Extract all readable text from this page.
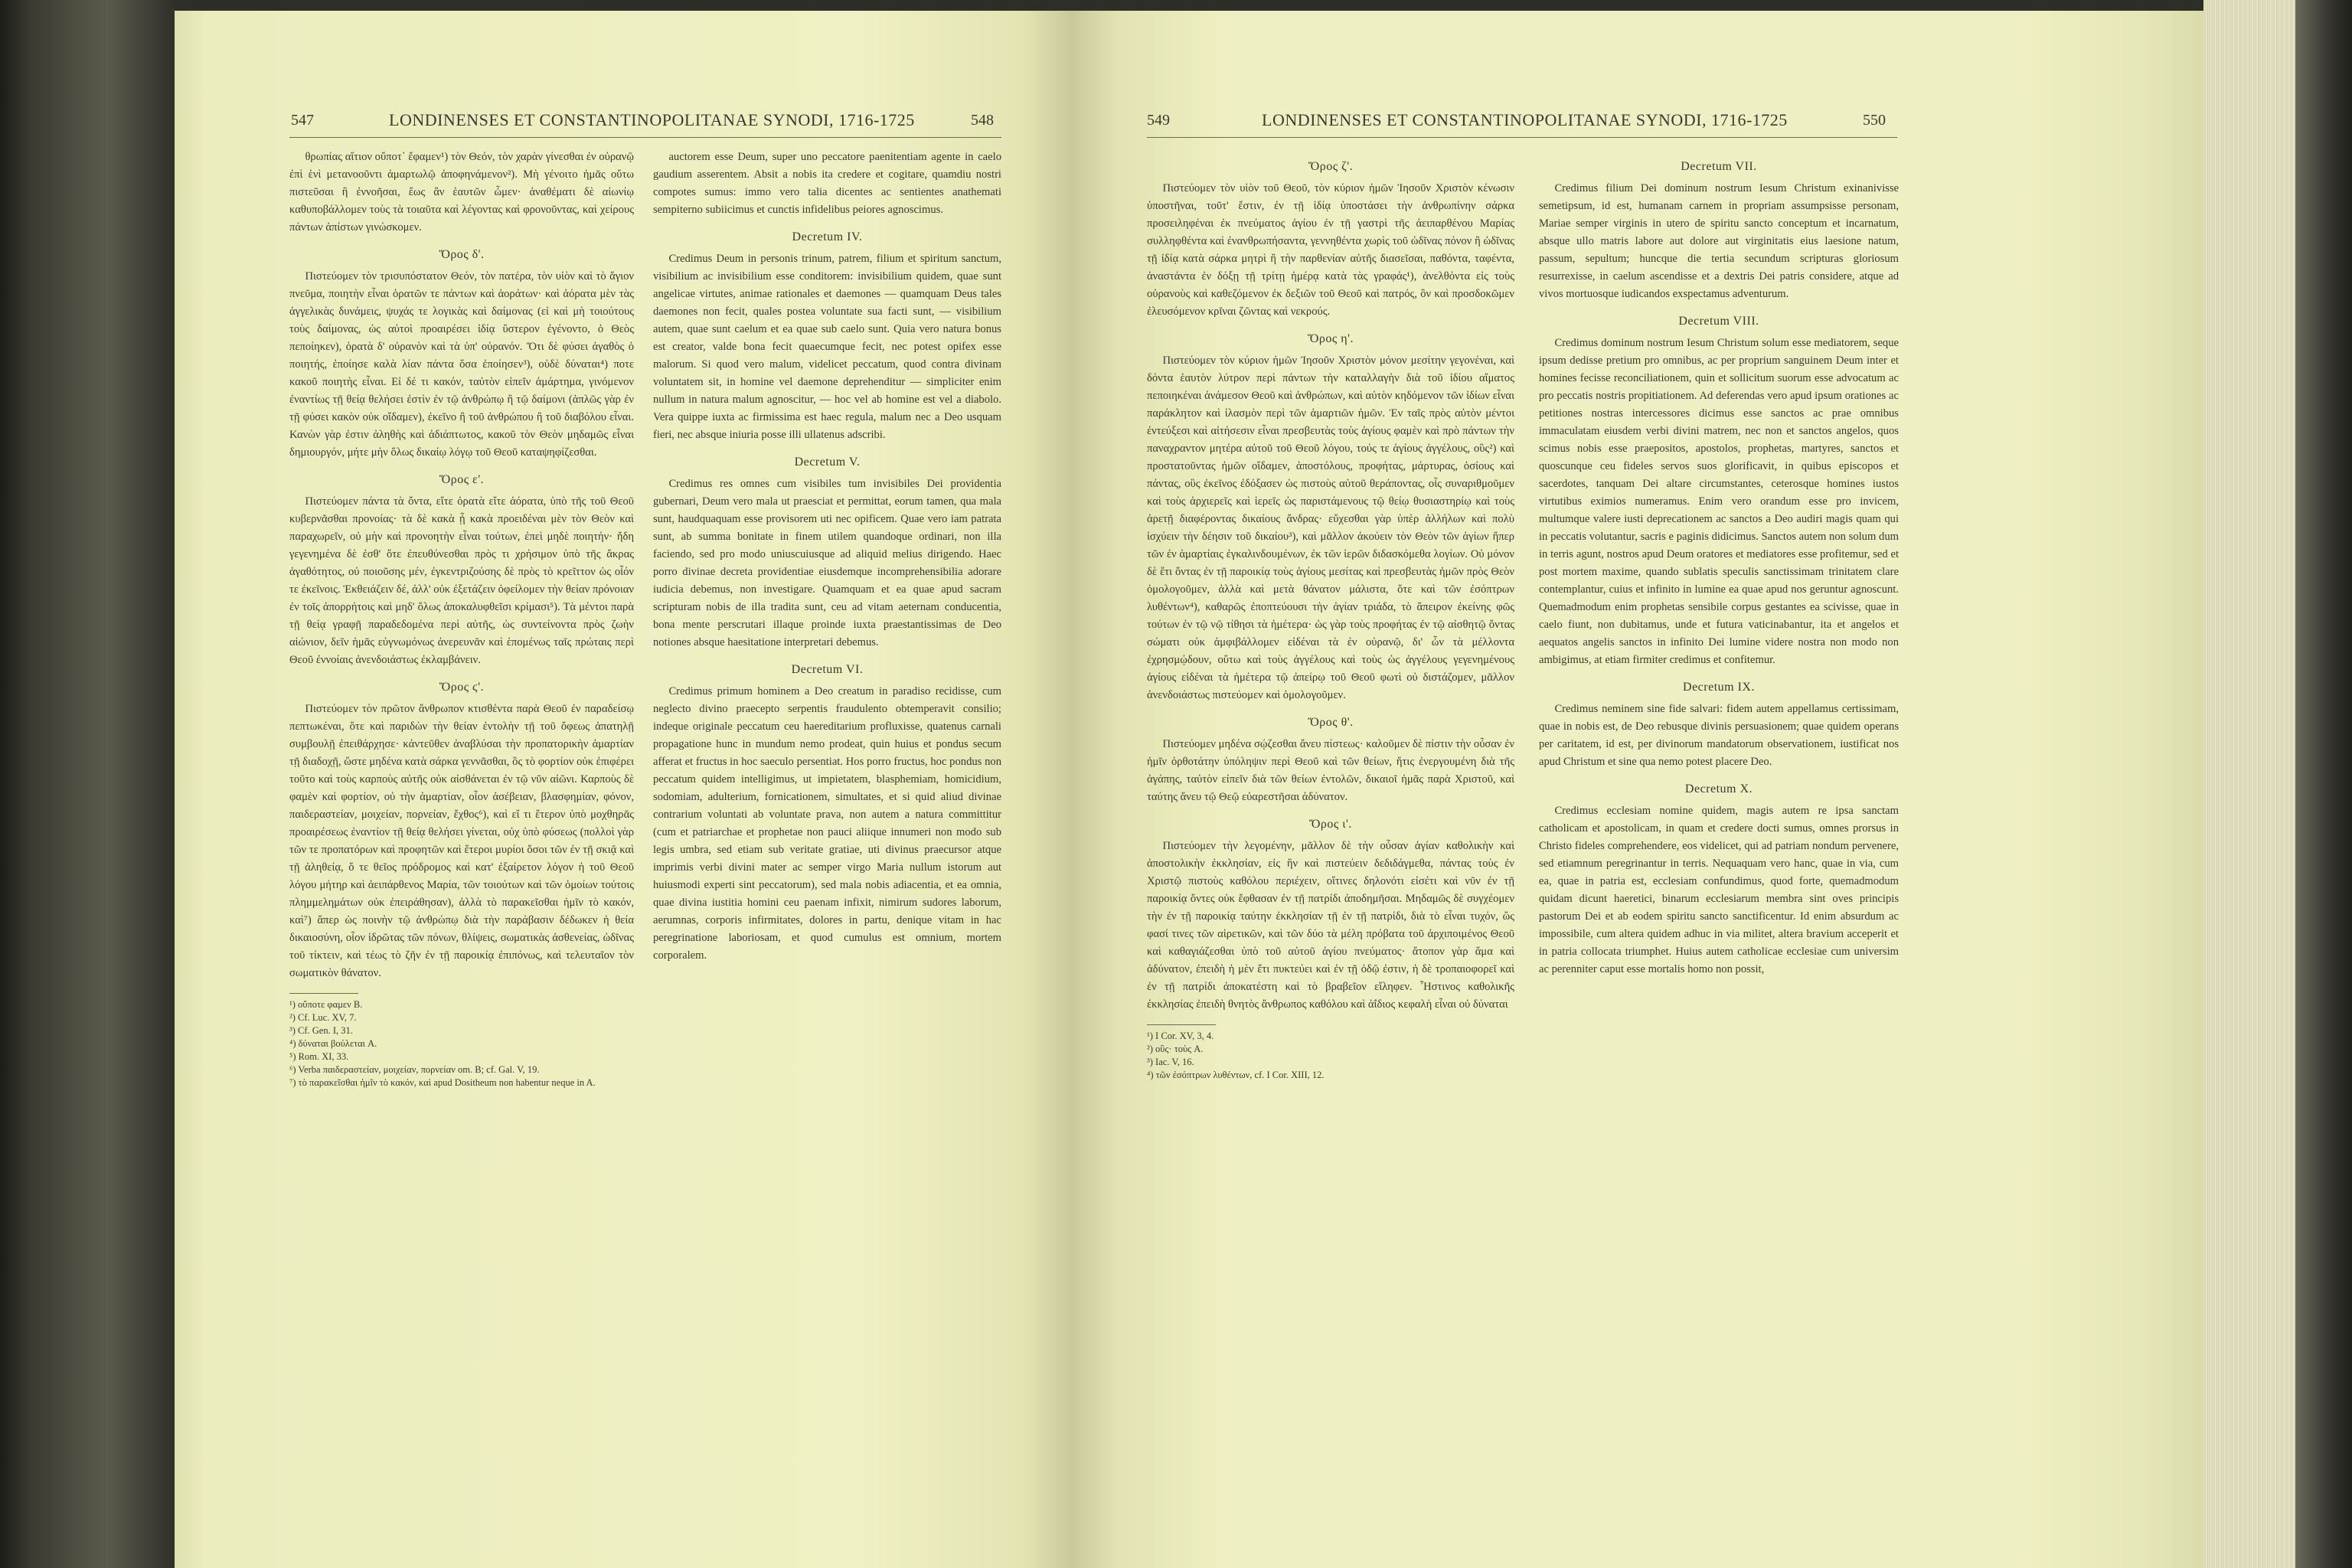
547	LONDINENSES ET CONSTANTINOPOLITANAE SYNODI, 1716-1725	548

θρωπίας αἴτιον οὔποτ᾿ ἔφαμεν¹) τὸν Θεόν, τὸν χαρὰν γίνεσθαι ἐν οὐρανῷ ἐπὶ ἑνὶ μετανοοῦντι ἁμαρτωλῷ ἀποφηνάμενον²). Μὴ γένοιτο ἡμᾶς οὕτω πιστεῦσαι ἢ ἐννοῆσαι, ἕως ἂν ἑαυτῶν ὦμεν· ἀναθέματι δὲ αἰωνίῳ καθυποβάλλομεν τοὺς τὰ τοιαῦτα καὶ λέγοντας καὶ φρονοῦντας, καὶ χείρους πάντων ἀπίστων γινώσκομεν.

Ὅρος δ'.

Πιστεύομεν τὸν τρισυπόστατον Θεόν, τὸν πατέρα, τὸν υἱὸν καὶ τὸ ἅγιον πνεῦμα, ποιητὴν εἶναι ὁρατῶν τε πάντων καὶ ἀοράτων· καὶ ἀόρατα μὲν τὰς ἀγγελικὰς δυνάμεις, ψυχάς τε λογικὰς καὶ δαίμονας (εἰ καὶ μὴ τοιούτους τοὺς δαίμονας, ὡς αὐτοὶ προαιρέσει ἰδίᾳ ὕστερον ἐγένοντο, ὁ Θεὸς πεποίηκεν), ὁρατὰ δ' οὐρανὸν καὶ τὰ ὑπ' οὐρανόν. Ὅτι δὲ φύσει ἀγαθὸς ὁ ποιητής, ἐποίησε καλὰ λίαν πάντα ὅσα ἐποίησεν³), οὐδὲ δύναται⁴) ποτε κακοῦ ποιητὴς εἶναι. Εἰ δέ τι κακόν, ταὐτὸν εἰπεῖν ἁμάρτημα, γινόμενον ἐναντίως τῇ θείᾳ θελήσει ἐστὶν ἐν τῷ ἀνθρώπῳ ἢ τῷ δαίμονι (ἁπλῶς γὰρ ἐν τῇ φύσει κακὸν οὐκ οἴδαμεν), ἐκεῖνο ἢ τοῦ ἀνθρώπου ἢ τοῦ διαβόλου εἶναι. Κανὼν γὰρ ἐστιν ἀληθὴς καὶ ἀδιάπτωτος, κακοῦ τὸν Θεὸν μηδαμῶς εἶναι δημιουργόν, μήτε μὴν ὅλως δικαίῳ λόγῳ τοῦ Θεοῦ καταψηφίζεσθαι.

Ὅρος ε'.

Πιστεύομεν πάντα τὰ ὄντα, εἴτε ὁρατὰ εἴτε ἀόρατα, ὑπὸ τῆς τοῦ Θεοῦ κυβερνᾶσθαι προνοίας· τὰ δὲ κακὰ ᾗ κακὰ προειδέναι μὲν τὸν Θεὸν καὶ παραχωρεῖν, οὐ μὴν καὶ προνοητὴν εἶναι τούτων, ἐπεὶ μηδὲ ποιητήν· ἤδη γεγενημένα δὲ ἐσθ' ὅτε ἐπευθύνεσθαι πρὸς τι χρήσιμον ὑπὸ τῆς ἄκρας ἀγαθότητος, οὐ ποιοῦσης μέν, ἐγκεντριζούσης δὲ πρὸς τὸ κρεῖττον ὡς οἷόν τε ἐκεῖνοις. Ἐκθειάζειν δέ, ἀλλ' οὐκ ἐξετάζειν ὀφείλομεν τὴν θείαν πρόνοιαν ἐν τοῖς ἀπορρήτοις καὶ μηδ' ὅλως ἀποκαλυφθεῖσι κρίμασι⁵). Τὰ μέντοι παρὰ τῇ θείᾳ γραφῇ παραδεδομένα περὶ αὐτῆς, ὡς συντείνοντα πρὸς ζωὴν αἰώνιον, δεῖν ἡμᾶς εὐγνωμόνως ἀνερευνᾶν καὶ ἑπομένως ταῖς πρώταις περὶ Θεοῦ ἐννοίαις ἀνενδοιάστως ἐκλαμβάνειν.

Ὅρος ϛ'.

Πιστεύομεν τὸν πρῶτον ἄνθρωπον κτισθέντα παρὰ Θεοῦ ἐν παραδείσῳ πεπτωκέναι, ὅτε καὶ παριδὼν τὴν θείαν ἐντολὴν τῇ τοῦ ὄφεως ἀπατηλῇ συμβουλῇ ἐπειθάρχησε· κἀντεῦθεν ἀναβλύσαι τὴν προπατορικὴν ἁμαρτίαν τῇ διαδοχῇ, ὥστε μηδένα κατὰ σάρκα γεννᾶσθαι, ὃς τὸ φορτίον οὐκ ἐπιφέρει τοῦτο καὶ τοὺς καρποὺς αὐτῆς οὐκ αἰσθάνεται ἐν τῷ νῦν αἰῶνι. Καρποὺς δὲ φαμὲν καὶ φορτίον, οὐ τὴν ἁμαρτίαν, οἷον ἀσέβειαν, βλασφημίαν, φόνον, παιδεραστείαν, μοιχείαν, πορνείαν, ἔχθος⁶), καὶ εἴ τι ἕτερον ὑπὸ μοχθηρᾶς προαιρέσεως ἐναντίον τῇ θείᾳ θελήσει γίνεται, οὐχ ὑπὸ φύσεως (πολλοὶ γὰρ τῶν τε προπατόρων καὶ προφητῶν καὶ ἕτεροι μυρίοι ὅσοι τῶν ἐν τῇ σκιᾷ καὶ τῇ ἀληθείᾳ, ὅ τε θεῖος πρόδρομος καὶ κατ' ἐξαίρετον λόγον ἡ τοῦ Θεοῦ λόγου μήτηρ καὶ ἀειπάρθενος Μαρία, τῶν τοιούτων καὶ τῶν ὁμοίων τούτοις πλημμελημάτων οὐκ ἐπειράθησαν), ἀλλὰ τὸ παρακεῖσθαι ἡμῖν τὸ κακόν, καὶ⁷) ἅπερ ὡς ποινὴν τῷ ἀνθρώπῳ διὰ τὴν παράβασιν δέδωκεν ἡ θεία δικαιοσύνη, οἷον ἱδρῶτας τῶν πόνων, θλίψεις, σωματικὰς ἀσθενείας, ὠδῖνας τοῦ τίκτειν, καὶ τέως τὸ ζῆν ἐν τῇ παροικίᾳ ἐπιπόνως, καὶ τελευταῖον τὸν σωματικὸν θάνατον.

¹) οὔποτε φαμεν B.
²) Cf. Luc. XV, 7.
³) Cf. Gen. I, 31.
⁴) δύναται βούλεται A.
⁵) Rom. XI, 33.
⁶) Verba παιδεραστείαν, μοιχείαν, πορνείαν om. B; cf. Gal. V, 19.
⁷) τὸ παρακεῖσθαι ἡμῖν τὸ κακόν, καὶ apud Dositheum non habentur neque in A.

auctorem esse Deum, super uno peccatore paenitentiam agente in caelo gaudium asserentem. Absit a nobis ita credere et cogitare, quamdiu nostri compotes sumus: immo vero talia dicentes ac sentientes anathemati sempiterno subiicimus et cunctis infidelibus peiores agnoscimus.

Decretum IV.

Credimus Deum in personis trinum, patrem, filium et spiritum sanctum, visibilium ac invisibilium esse conditorem: invisibilium quidem, quae sunt angelicae virtutes, animae rationales et daemones — quamquam Deus tales daemones non fecit, quales postea voluntate sua facti sunt, — visibilium autem, quae sunt caelum et ea quae sub caelo sunt. Quia vero natura bonus est creator, valde bona fecit quaecumque fecit, nec potest opifex esse malorum. Si quod vero malum, videlicet peccatum, quod contra divinam voluntatem sit, in homine vel daemone deprehenditur — simpliciter enim nullum in natura malum agnoscitur, — hoc vel ab homine est vel a diabolo. Vera quippe iuxta ac firmissima est haec regula, malum nec a Deo usquam fieri, nec absque iniuria posse illi ullatenus adscribi.

Decretum V.

Credimus res omnes cum visibiles tum invisibiles Dei providentia gubernari, Deum vero mala ut praesciat et permittat, eorum tamen, qua mala sunt, haudquaquam esse provisorem uti nec opificem. Quae vero iam patrata sunt, ab summa bonitate in finem utilem quandoque ordinari, non illa faciendo, sed pro modo uniuscuiusque ad aliquid melius dirigendo. Haec porro divinae decreta providentiae eiusdemque incomprehensibilia adorare iudicia debemus, non investigare. Quamquam et ea quae apud sacram scripturam nobis de illa tradita sunt, ceu ad vitam aeternam conducentia, bona mente perscrutari illaque proinde iuxta praestantissimas de Deo notiones absque haesitatione interpretari debemus.

Decretum VI.

Credimus primum hominem a Deo creatum in paradiso recidisse, cum neglecto divino praecepto serpentis fraudulento obtemperavit consilio; indeque originale peccatum ceu haereditarium profluxisse, quatenus carnali propagatione hunc in mundum nemo prodeat, quin huius et pondus secum afferat et fructus in hoc saeculo persentiat. Hos porro fructus, hoc pondus non peccatum quidem intelligimus, ut impietatem, blasphemiam, homicidium, sodomiam, adulterium, fornicationem, simultates, et si quid aliud divinae contrarium voluntati ab voluntate prava, non autem a natura committitur (cum et patriarchae et prophetae non pauci aliique innumeri non modo sub legis umbra, sed etiam sub veritate gratiae, uti divinus praecursor atque imprimis verbi divini mater ac semper virgo Maria nullum istorum aut huiusmodi experti sint peccatorum), sed mala nobis adiacentia, et ea omnia, quae divina iustitia homini ceu paenam infixit, nimirum sudores laborum, aerumnas, corporis infirmitates, dolores in partu, denique vitam in hac peregrinatione laboriosam, et quod cumulus est omnium, mortem corporalem.

549	LONDINENSES ET CONSTANTINOPOLITANAE SYNODI, 1716-1725	550

Ὅρος ζ'.

Πιστεύομεν τὸν υἱὸν τοῦ Θεοῦ, τὸν κύριον ἡμῶν Ἰησοῦν Χριστὸν κένωσιν ὑποστῆναι, τοῦτ' ἔστιν, ἐν τῇ ἰδίᾳ ὑποστάσει τὴν ἀνθρωπίνην σάρκα προσειληφέναι ἐκ πνεύματος ἁγίου ἐν τῇ γαστρὶ τῆς ἀειπαρθένου Μαρίας συλληφθέντα καὶ ἐνανθρωπήσαντα, γεννηθέντα χωρὶς τοῦ ὠδῖνας πόνον ἢ ὠδῖνας τῇ ἰδίᾳ κατὰ σάρκα μητρὶ ἢ τὴν παρθενίαν αὐτῆς διασεῖσαι, παθόντα, ταφέντα, ἀναστάντα ἐν δόξῃ τῇ τρίτῃ ἡμέρᾳ κατὰ τὰς γραφάς¹), ἀνελθόντα εἰς τοὺς οὐρανοὺς καὶ καθεζόμενον ἐκ δεξιῶν τοῦ Θεοῦ καὶ πατρός, ὃν καὶ προσδοκῶμεν ἐλευσόμενον κρῖναι ζῶντας καὶ νεκρούς.

Ὅρος η'.

Πιστεύομεν τὸν κύριον ἡμῶν Ἰησοῦν Χριστὸν μόνον μεσίτην γεγονέναι, καὶ δόντα ἑαυτὸν λύτρον περὶ πάντων τὴν καταλλαγὴν διὰ τοῦ ἰδίου αἵματος πεποιηκέναι ἀνάμεσον Θεοῦ καὶ ἀνθρώπων, καὶ αὐτὸν κηδόμενον τῶν ἰδίων εἶναι παράκλητον καὶ ἱλασμὸν περὶ τῶν ἁμαρτιῶν ἡμῶν. Ἐν ταῖς πρὸς αὐτὸν μέντοι ἐντεύξεσι καὶ αἰτήσεσιν εἶναι πρεσβευτὰς τοὺς ἁγίους φαμὲν καὶ πρὸ πάντων τὴν παναχραντον μητέρα αὐτοῦ τοῦ Θεοῦ λόγου, τούς τε ἁγίους ἀγγέλους, οὓς²) καὶ προστατοῦντας ἡμῶν οἴδαμεν, ἀποστόλους, προφήτας, μάρτυρας, ὁσίους καὶ πάντας, οὓς ἐκεῖνος ἐδόξασεν ὡς πιστοὺς αὐτοῦ θεράποντας, οἷς συναριθμοῦμεν καὶ τοὺς ἀρχιερεῖς καὶ ἱερεῖς ὡς παριστάμενους τῷ θείῳ θυσιαστηρίῳ καὶ τοὺς ἀρετῇ διαφέροντας δικαίους ἄνδρας· εὔχεσθαι γὰρ ὑπὲρ ἀλλήλων καὶ πολὺ ἰσχύειν τὴν δέησιν τοῦ δικαίου³), καὶ μᾶλλον ἀκούειν τὸν Θεὸν τῶν ἁγίων ἤπερ τῶν ἐν ἁμαρτίαις ἐγκαλινδουμένων, ἐκ τῶν ἱερῶν διδασκόμεθα λογίων. Οὐ μόνον δὲ ἔτι ὄντας ἐν τῇ παροικίᾳ τοὺς ἁγίους μεσίτας καὶ πρεσβευτὰς ἡμῶν πρὸς Θεὸν ὁμολογοῦμεν, ἀλλὰ καὶ μετὰ θάνατον μάλιστα, ὅτε καὶ τῶν ἐσόπτρων λυθέντων⁴), καθαρῶς ἐποπτεύουσι τὴν ἁγίαν τριάδα, τὸ ἄπειρον ἐκείνης φῶς τούτων ἐν τῷ νῷ τίθησι τὰ ἡμέτερα· ὡς γὰρ τοὺς προφήτας ἐν τῷ αἰσθητῷ ὄντας σώματι οὐκ ἀμφιβάλλομεν εἰδέναι τὰ ἐν οὐρανῷ, δι' ὧν τὰ μέλλοντα ἐχρησμῴδουν, οὕτω καὶ τοὺς ἀγγέλους καὶ τοὺς ὡς ἀγγέλους γεγενημένους ἁγίους εἰδέναι τὰ ἡμέτερα τῷ ἀπείρῳ τοῦ Θεοῦ φωτὶ οὐ διστάζομεν, μᾶλλον ἀνενδοιάστως πιστεύομεν καὶ ὁμολογοῦμεν.

Ὅρος θ'.

Πιστεύομεν μηδένα σῴζεσθαι ἄνευ πίστεως· καλοῦμεν δὲ πίστιν τὴν οὖσαν ἐν ἡμῖν ὀρθοτάτην ὑπόληψιν περὶ Θεοῦ καὶ τῶν θείων, ἥτις ἐνεργουμένη διὰ τῆς ἀγάπης, ταὐτὸν εἰπεῖν διὰ τῶν θείων ἐντολῶν, δικαιοῖ ἡμᾶς παρὰ Χριστοῦ, καὶ ταύτης ἄνευ τῷ Θεῷ εὐαρεστῆσαι ἀδύνατον.

Ὅρος ι'.

Πιστεύομεν τὴν λεγομένην, μᾶλλον δὲ τὴν οὖσαν ἁγίαν καθολικὴν καὶ ἀποστολικὴν ἐκκλησίαν, εἰς ἣν καὶ πιστεύειν δεδιδάγμεθα, πάντας τοὺς ἐν Χριστῷ πιστοὺς καθόλου περιέχειν, οἵτινες δηλονότι εἰσέτι καὶ νῦν ἐν τῇ παροικίᾳ ὄντες οὐκ ἔφθασαν ἐν τῇ πατρίδι ἀποδημῆσαι. Μηδαμῶς δὲ συγχέομεν τὴν ἐν τῇ παροικίᾳ ταύτην ἐκκλησίαν τῇ ἐν τῇ πατρίδι, διὰ τὸ εἶναι τυχόν, ὥς φασί τινες τῶν αἱρετικῶν, καὶ τῶν δύο τὰ μέλη πρόβατα τοῦ ἀρχιποιμένος Θεοῦ καὶ καθαγιάζεσθαι ὑπὸ τοῦ αὐτοῦ ἁγίου πνεύματος· ἄτοπον γὰρ ἅμα καὶ ἀδύνατον, ἐπειδὴ ἡ μὲν ἔτι πυκτεύει καὶ ἐν τῇ ὁδῷ ἐστιν, ἡ δὲ τροπαιοφορεῖ καὶ ἐν τῇ πατρίδι ἀποκατέστη καὶ τὸ βραβεῖον εἴληφεν. Ἧστινος καθολικῆς ἐκκλησίας ἐπειδὴ θνητὸς ἄνθρωπος καθόλου καὶ ἀΐδιος κεφαλὴ εἶναι οὐ δύναται

¹) I Cor. XV, 3, 4.
²) οὓς· τοὺς A.
³) Iac. V, 16.
⁴) τῶν ἐσόπτρων λυθέντων, cf. I Cor. XIII, 12.

Decretum VII.

Credimus filium Dei dominum nostrum Iesum Christum exinanivisse semetipsum, id est, humanam carnem in propriam assumpsisse personam, Mariae semper virginis in utero de spiritu sancto conceptum et incarnatum, absque ullo matris labore aut dolore aut virginitatis eius laesione natum, passum, sepultum; huncque die tertia secundum scripturas gloriosum resurrexisse, in caelum ascendisse et a dextris Dei patris considere, atque ad vivos mortuosque iudicandos exspectamus adventurum.

Decretum VIII.

Credimus dominum nostrum Iesum Christum solum esse mediatorem, seque ipsum dedisse pretium pro omnibus, ac per proprium sanguinem Deum inter et homines fecisse reconciliationem, quin et sollicitum suorum esse advocatum ac pro peccatis nostris propitiationem. Ad deferendas vero apud ipsum orationes ac petitiones nostras intercessores dicimus esse sanctos ac prae omnibus immaculatam eiusdem verbi divini matrem, nec non et sanctos angelos, quos scimus nobis esse praepositos, apostolos, prophetas, martyres, sanctos et quoscunque ceu fideles servos suos glorificavit, in quibus episcopos et sacerdotes, tanquam Dei altare circumstantes, ceterosque homines iustos virtutibus eximios numeramus. Enim vero orandum esse pro invicem, multumque valere iusti deprecationem ac sanctos a Deo audiri magis quam qui in peccatis volutantur, sacris e paginis didicimus. Sanctos autem non solum dum in terris agunt, nostros apud Deum oratores et mediatores esse profitemur, sed et post mortem maxime, quando sublatis speculis sanctissimam trinitatem clare contemplantur, cuius et infinito in lumine ea quae apud nos geruntur agnoscunt. Quemadmodum enim prophetas sensibile corpus gestantes ea scivisse, quae in caelo fiunt, non dubitamus, unde et futura vaticinabantur, ita et angelos et aequatos angelis sanctos in infinito Dei lumine videre nostra non modo non ambigimus, at etiam firmiter credimus et confitemur.

Decretum IX.

Credimus neminem sine fide salvari: fidem autem appellamus certissimam, quae in nobis est, de Deo rebusque divinis persuasionem; quae quidem operans per caritatem, id est, per divinorum mandatorum observationem, iustificat nos apud Christum et sine qua nemo potest placere Deo.

Decretum X.

Credimus ecclesiam nomine quidem, magis autem re ipsa sanctam catholicam et apostolicam, in quam et credere docti sumus, omnes prorsus in Christo fideles comprehendere, eos videlicet, qui ad patriam nondum pervenere, sed etiamnum peregrinantur in terris. Nequaquam vero hanc, quae in via, cum ea, quae in patria est, ecclesiam confundimus, quod forte, quemadmodum quidam dicunt haeretici, binarum ecclesiarum membra sint oves principis pastorum Dei et ab eodem spiritu sancto sanctificentur. Id enim absurdum ac impossibile, cum altera quidem adhuc in via militet, altera bravium acceperit et in patria collocata triumphet. Huius autem catholicae ecclesiae cum universim ac perenniter caput esse mortalis homo non possit,
